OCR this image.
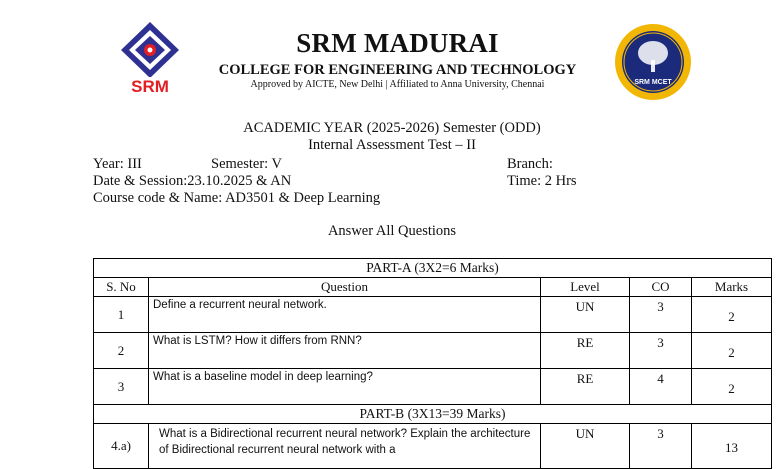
SRM
SRM MADURAI
COLLEGE FOR ENGINEERING AND TECHNOLOGY
Approved by AICTE, New Delhi | Affiliated to Anna University, Chennai	SRM MCET
ACADEMIC YEAR (2025-2026) Semester (ODD)
Internal Assessment Test – II
Year: III	Semester: V	Branch:
Date & Session:23.10.2025 & AN	Time: 2 Hrs
Course code & Name: AD3501 & Deep Learning
Answer All Questions
PART-A (3X2=6 Marks)				
S. No	Question	Level	CO	Marks
1	Define a recurrent neural network.	UN	3	2
2	What is LSTM? How it differs from RNN?	RE	3	2
3	What is a baseline model in deep learning?	RE	4	2
PART-B (3X13=39 Marks)				
4.a)	What is a Bidirectional recurrent neural network? Explain the architecture of Bidirectional recurrent neural network with a	UN	3	13
